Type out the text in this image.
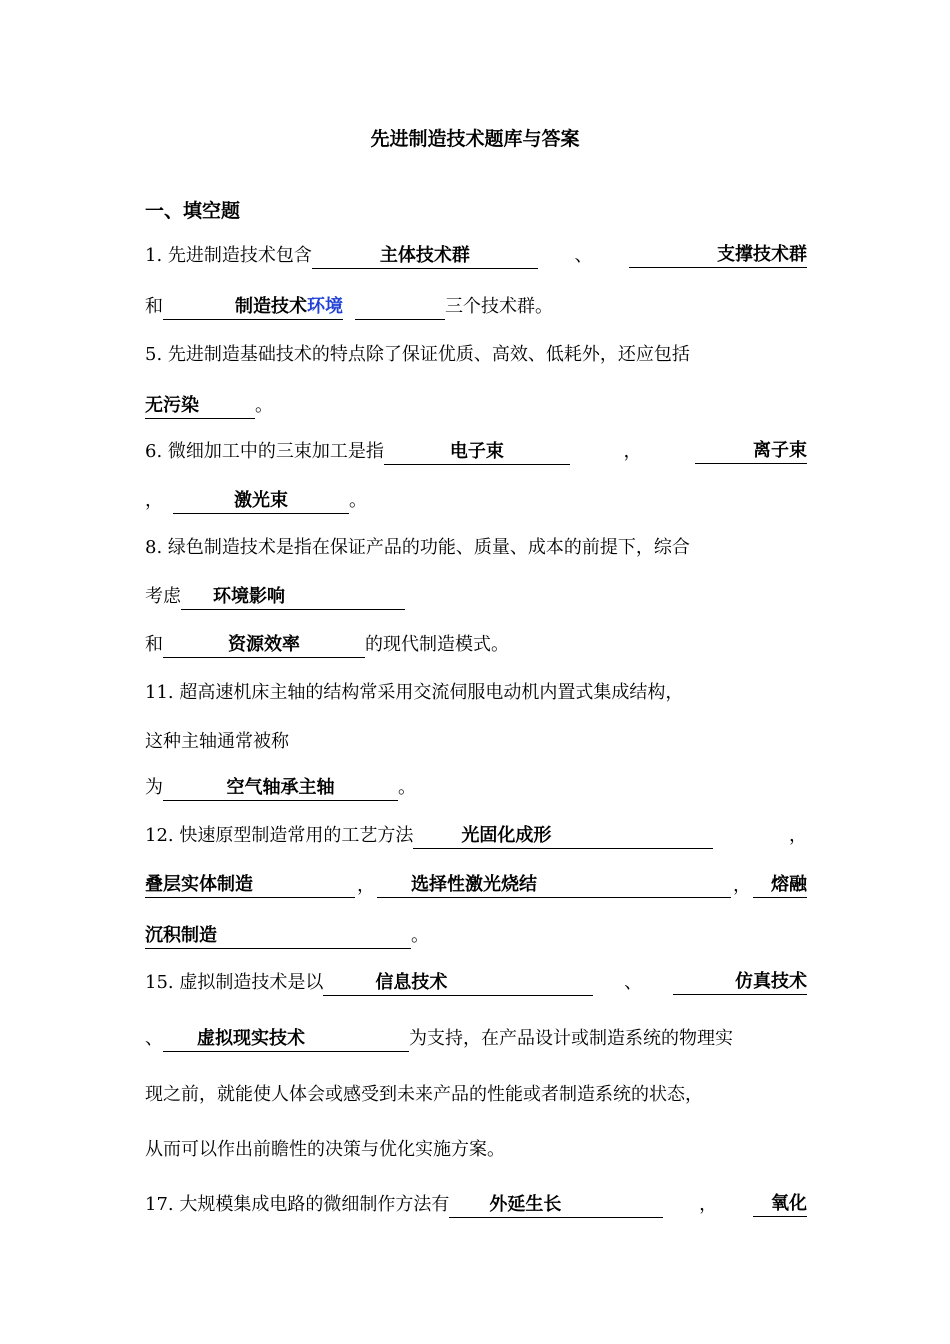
先进制造技术题库与答案
一、填空题
1. 先进制造技术包含	主体技术群	、	支撑技术群
和	制造技术环境	三个技术群。
5. 先进制造基础技术的特点除了保证优质、高效、低耗外，还应包括
无污染	。
6. 微细加工中的三束加工是指	电子束	，	离子束
，	激光束	。
8. 绿色制造技术是指在保证产品的功能、质量、成本的前提下，综合
考虑 环境影响
和	资源效率	的现代制造模式。
11. 超高速机床主轴的结构常采用交流伺服电动机内置式集成结构，
这种主轴通常被称
为	空气轴承主轴	。
12. 快速原型制造常用的工艺方法	光固化成形	，
叠层实体制造	，	选择性激光烧结	，	熔融
沉积制造	。
15. 虚拟制造技术是以	信息技术	、	仿真技术
、 虚拟现实技术	为支持，在产品设计或制造系统的物理实
现之前，就能使人体会或感受到未来产品的性能或者制造系统的状态，
从而可以作出前瞻性的决策与优化实施方案。
17. 大规模集成电路的微细制作方法有 外延生长	，	氧化
